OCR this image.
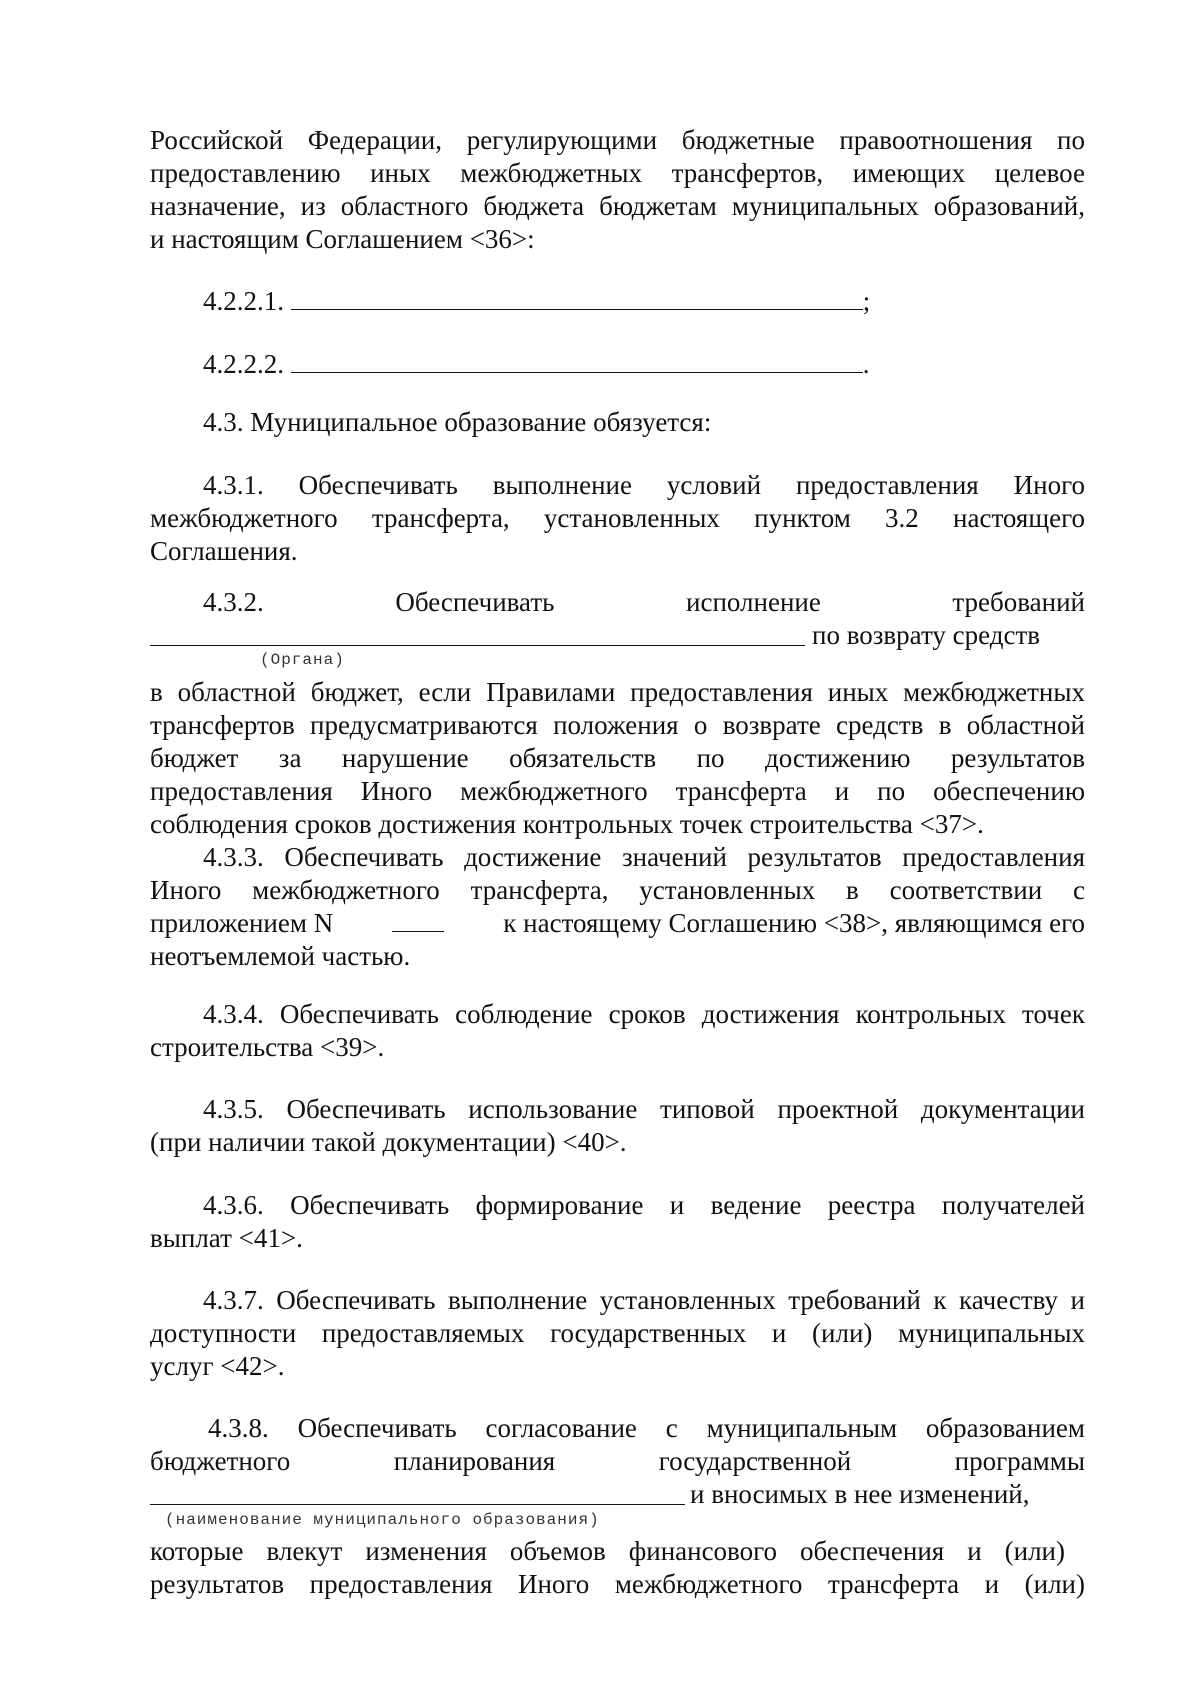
Российской Федерации, регулирующими бюджетные правоотношения по
предоставлению иных межбюджетных трансфертов, имеющих целевое
назначение, из областного бюджета бюджетам муниципальных образований,
и настоящим Соглашением <36>:
4.2.2.1.	;
4.2.2.2.	.
4.3. Муниципальное образование обязуется:
4.3.1. Обеспечивать выполнение условий предоставления Иного
межбюджетного трансферта, установленных пунктом 3.2 настоящего
Соглашения.
4.3.2.	Обеспечивать	исполнение	требований
по возврату средств
(Органа)
в областной бюджет, если Правилами предоставления иных межбюджетных
трансфертов предусматриваются положения о возврате средств в областной
бюджет за нарушение обязательств по достижению результатов
предоставления Иного межбюджетного трансферта и по обеспечению
соблюдения сроков достижения контрольных точек строительства <37>.
4.3.3. Обеспечивать достижение значений результатов предоставления
Иного межбюджетного трансферта, установленных в соответствии с
приложением N	к настоящему Соглашению <38>, являющимся его
неотъемлемой частью.
4.3.4. Обеспечивать соблюдение сроков достижения контрольных точек
строительства <39>.
4.3.5. Обеспечивать использование типовой проектной документации
(при наличии такой документации) <40>.
4.3.6. Обеспечивать формирование и ведение реестра получателей
выплат <41>.
4.3.7. Обеспечивать выполнение установленных требований к качеству и
доступности предоставляемых государственных и (или) муниципальных
услуг <42>.
4.3.8. Обеспечивать согласование с муниципальным образованием
бюджетного	планирования	государственной	программы
и вносимых в нее изменений,
(наименование муниципального образования)
которые влекут изменения объемов финансового обеспечения и (или)
результатов предоставления Иного межбюджетного трансферта и (или)
